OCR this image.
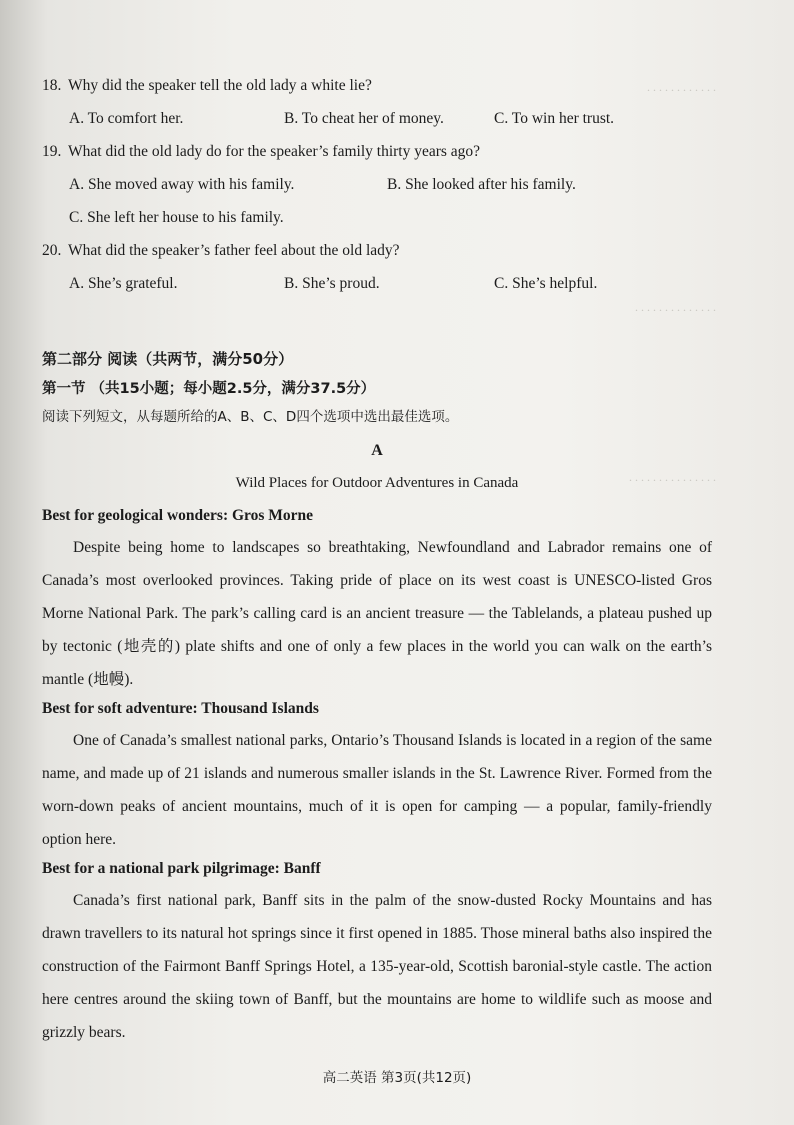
. . . . . . . . . . . .
. . . . . . . . . . . . . .
. . . . . . . . . . . . . . .
18. Why did the speaker tell the old lady a white lie?
A. To comfort her.	B. To cheat her of money.	C. To win her trust.
19. What did the old lady do for the speaker’s family thirty years ago?
A. She moved away with his family.	B. She looked after his family.
C. She left her house to his family.
20. What did the speaker’s father feel about the old lady?
A. She’s grateful.	B. She’s proud.	C. She’s helpful.
第二部分 阅读（共两节，满分50分）
第一节 （共15小题；每小题2.5分，满分37.5分）
阅读下列短文，从每题所给的A、B、C、D四个选项中选出最佳选项。
A
Wild Places for Outdoor Adventures in Canada
Best for geological wonders: Gros Morne

Despite being home to landscapes so breathtaking, Newfoundland and Labrador remains one of Canada’s most overlooked provinces. Taking pride of place on its west coast is UNESCO-listed Gros Morne National Park. The park’s calling card is an ancient treasure — the Tablelands, a plateau pushed up by tectonic (地壳的) plate shifts and one of only a few places in the world you can walk on the earth’s mantle (地幔).

Best for soft adventure: Thousand Islands

One of Canada’s smallest national parks, Ontario’s Thousand Islands is located in a region of the same name, and made up of 21 islands and numerous smaller islands in the St. Lawrence River. Formed from the worn-down peaks of ancient mountains, much of it is open for camping — a popular, family-friendly option here.

Best for a national park pilgrimage: Banff

Canada’s first national park, Banff sits in the palm of the snow-dusted Rocky Mountains and has drawn travellers to its natural hot springs since it first opened in 1885. Those mineral baths also inspired the construction of the Fairmont Banff Springs Hotel, a 135-year-old, Scottish baronial-style castle. The action here centres around the skiing town of Banff, but the mountains are home to wildlife such as moose and grizzly bears.

高二英语 第3页(共12页)
